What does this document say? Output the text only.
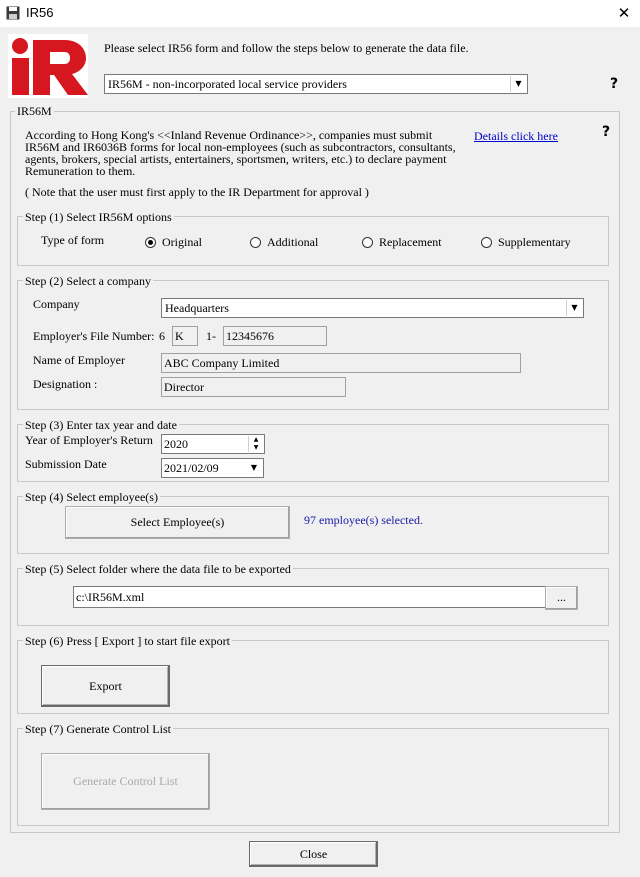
IR56	✕
Please select IR56 form and follow the steps below to generate the data file.
IR56M - non-incorporated local service providers	▼	?
IR56M
According to Hong Kong's <<Inland Revenue Ordinance>>, companies must submit IR56M and IR6036B forms for local non-employees (such as subcontractors, consultants, agents, brokers, special artists, entertainers, sportsmen, writers, etc.) to declare payment Remuneration to them.
Details click here	?
( Note that the user must first apply to the IR Department for approval )
Step (1) Select IR56M options
Type of form	Original	Additional	Replacement	Supplementary
Step (2) Select a company
Company	Headquarters	▼
Employer's File Number: 6 K	1- 12345676
Name of Employer	ABC Company Limited
Designation :	Director
Step (3) Enter tax year and date
Year of Employer's Return 2020	▲
▼
Submission Date	2021/02/09	▼
Step (4) Select employee(s)
Select Employee(s)	97 employee(s) selected.
Step (5) Select folder where the data file to be exported
c:\IR56M.xml	...
Step (6) Press [ Export ] to start file export
Export
Step (7) Generate Control List
Generate Control List
Close
